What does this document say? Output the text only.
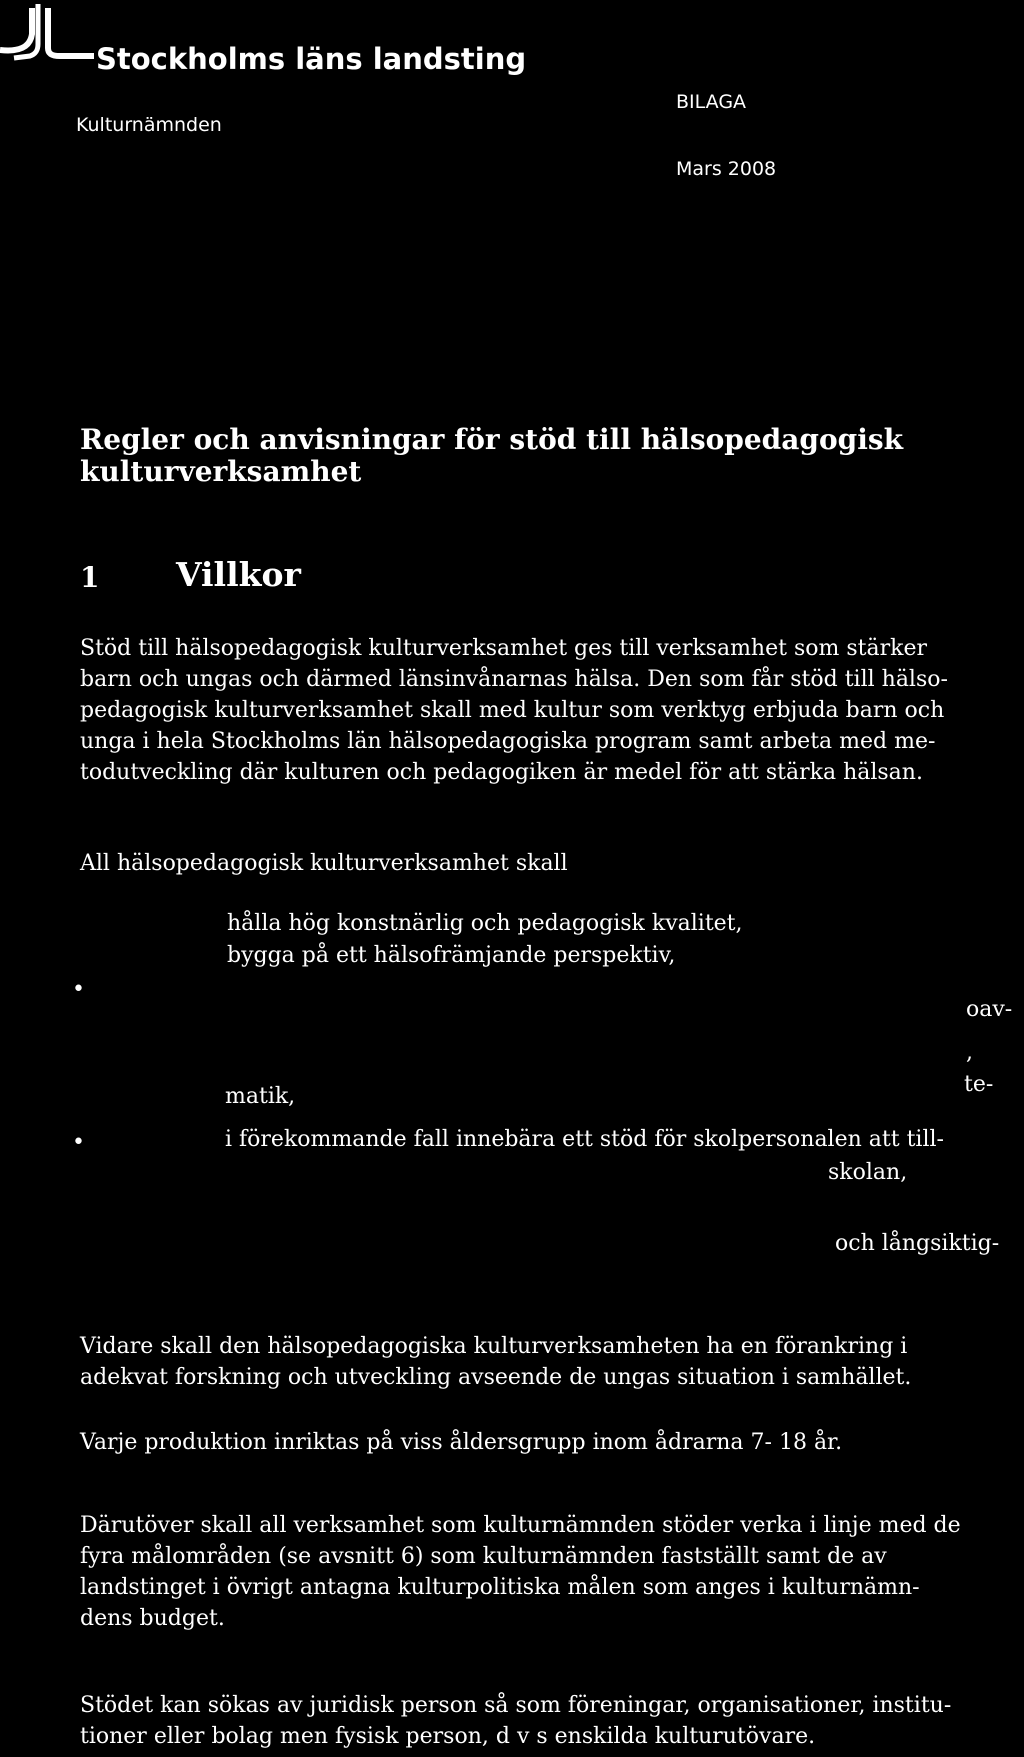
Stockholms läns landsting
Kulturnämnden
BILAGA
Mars 2008
Regler och anvisningar för stöd till hälsopedagogisk
kulturverksamhet
1 Villkor
Stöd till hälsopedagogisk kulturverksamhet ges till verksamhet som stärker
barn och ungas och därmed länsinvånarnas hälsa. Den som får stöd till hälso-
pedagogisk kulturverksamhet skall med kultur som verktyg erbjuda barn och
unga i hela Stockholms län hälsopedagogiska program samt arbeta med me-
todutveckling där kulturen och pedagogiken är medel för att stärka hälsan.
All hälsopedagogisk kulturverksamhet skall
hålla hög konstnärlig och pedagogisk kvalitet,
bygga på ett hälsofrämjande perspektiv,
•
oav-
,
te-
matik,
•	i förekommande fall innebära ett stöd för skolpersonalen att till-
skolan,
och långsiktig-
Vidare skall den hälsopedagogiska kulturverksamheten ha en förankring i
adekvat forskning och utveckling avseende de ungas situation i samhället.
Varje produktion inriktas på viss åldersgrupp inom ådrarna 7- 18 år.
Därutöver skall all verksamhet som kulturnämnden stöder verka i linje med de
fyra målområden (se avsnitt 6) som kulturnämnden fastställt samt de av
landstinget i övrigt antagna kulturpolitiska målen som anges i kulturnämn-
dens budget.
Stödet kan sökas av juridisk person så som föreningar, organisationer, institu-
tioner eller bolag men fysisk person, d v s enskilda kulturutövare.
